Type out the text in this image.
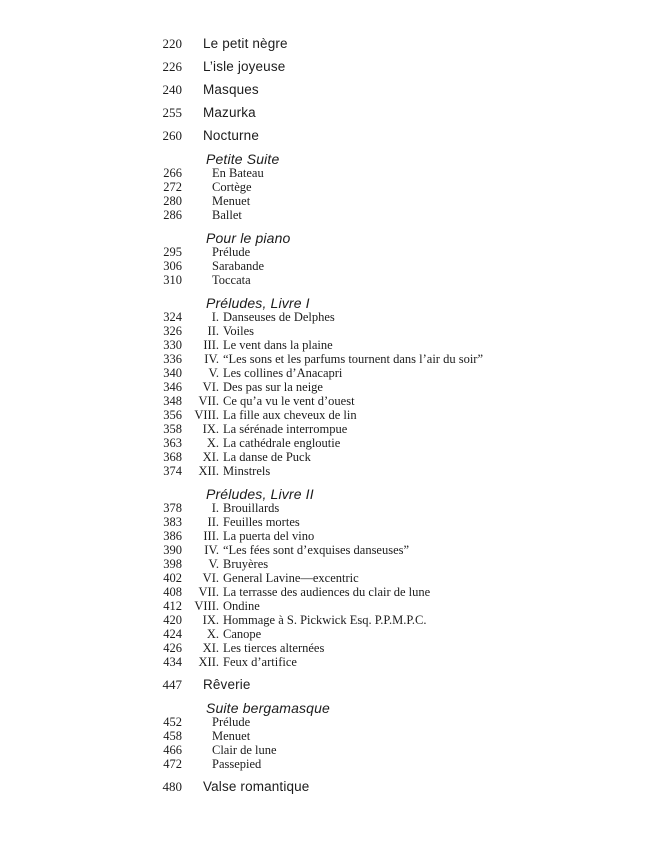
220	Le petit nègre
226	L’isle joyeuse
240	Masques
255	Mazurka
260	Nocturne
Petite Suite
266	En Bateau
272	Cortège
280	Menuet
286	Ballet
Pour le piano
295	Prélude
306	Sarabande
310	Toccata
Préludes, Livre I
324	I. Danseuses de Delphes
326	II. Voiles
330	III. Le vent dans la plaine
336	IV. “Les sons et les parfums tournent dans l’air du soir”
340	V. Les collines d’Anacapri
346	VI. Des pas sur la neige
348	VII. Ce qu’a vu le vent d’ouest
356 VIII. La fille aux cheveux de lin
358	IX. La sérénade interrompue
363	X. La cathédrale engloutie
368	XI. La danse de Puck
374	XII. Minstrels
Préludes, Livre II
378	I. Brouillards
383	II. Feuilles mortes
386	III. La puerta del vino
390	IV. “Les fées sont d’exquises danseuses”
398	V. Bruyères
402	VI. General Lavine—excentric
408	VII. La terrasse des audiences du clair de lune
412 VIII. Ondine
420	IX. Hommage à S. Pickwick Esq. P.P.M.P.C.
424	X. Canope
426	XI. Les tierces alternées
434	XII. Feux d’artifice
447	Rêverie
Suite bergamasque
452	Prélude
458	Menuet
466	Clair de lune
472	Passepied
480	Valse romantique
